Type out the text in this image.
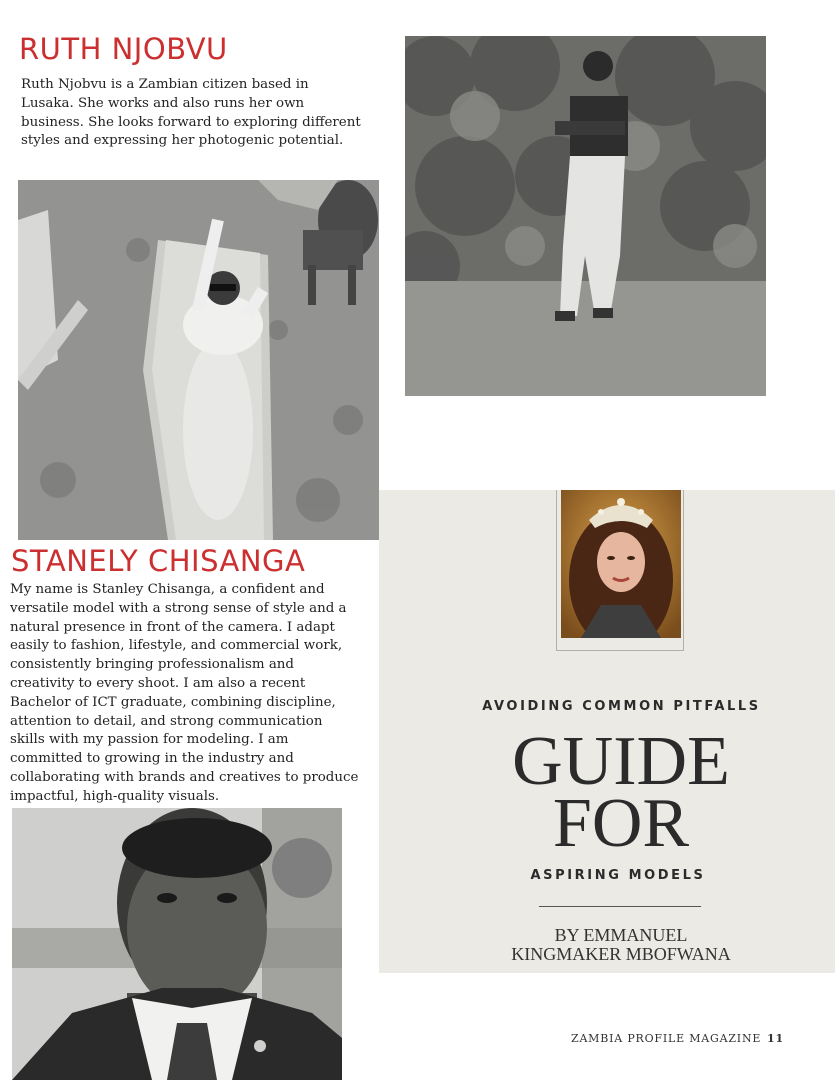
RUTH NJOBVU

Ruth Njobvu is a Zambian citizen based in Lusaka. She works and also runs her own business. She looks forward to exploring different styles and expressing her photogenic potential.

STANELY CHISANGA

My name is Stanley Chisanga, a confident and versatile model with a strong sense of style and a natural presence in front of the camera. I adapt easily to fashion, lifestyle, and commercial work, consistently bringing professionalism and creativity to every shoot. I am also a recent Bachelor of ICT graduate, combining discipline, attention to detail, and strong communication skills with my passion for modeling. I am committed to growing in the industry and collaborating with brands and creatives to produce impactful, high-quality visuals.

AVOIDING COMMON PITFALLS
GUIDE
FOR
ASPIRING MODELS
BY EMMANUEL
KINGMAKER MBOFWANA
ZAMBIA PROFILE MAGAZINE 11
